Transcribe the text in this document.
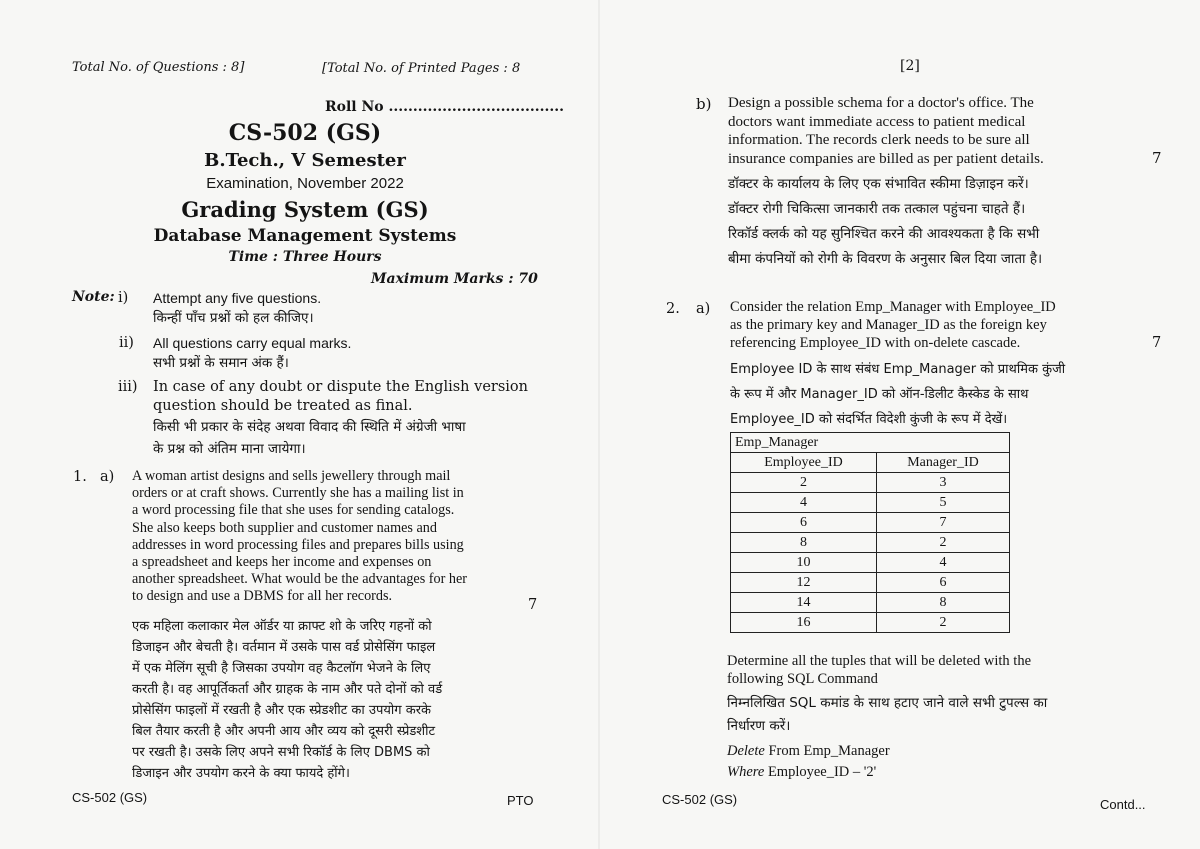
Total No. of Questions : 8]	[Total No. of Printed Pages : 8
Roll No ....................................
CS-502 (GS)
B.Tech., V Semester
Examination, November 2022
Grading System (GS)
Database Management Systems
Time : Three Hours
Maximum Marks : 70
Note: i) Attempt any five questions.
किन्हीं पाँच प्रश्नों को हल कीजिए।
ii) All questions carry equal marks.
सभी प्रश्नों के समान अंक हैं।
iii) In case of any doubt or dispute the English version
question should be treated as final.
किसी भी प्रकार के संदेह अथवा विवाद की स्थिति में अंग्रेजी भाषा
के प्रश्न को अंतिम माना जायेगा।
1. a) A woman artist designs and sells jewellery through mail
orders or at craft shows. Currently she has a mailing list in
a word processing file that she uses for sending catalogs.
She also keeps both supplier and customer names and
addresses in word processing files and prepares bills using
a spreadsheet and keeps her income and expenses on
another spreadsheet. What would be the advantages for her
to design and use a DBMS for all her records.
7
एक महिला कलाकार मेल ऑर्डर या क्राफ्ट शो के जरिए गहनों को
डिजाइन और बेचती है। वर्तमान में उसके पास वर्ड प्रोसेसिंग फाइल
में एक मेलिंग सूची है जिसका उपयोग वह कैटलॉग भेजने के लिए
करती है। वह आपूर्तिकर्ता और ग्राहक के नाम और पते दोनों को वर्ड
प्रोसेसिंग फाइलों में रखती है और एक स्प्रेडशीट का उपयोग करके
बिल तैयार करती है और अपनी आय और व्यय को दूसरी स्प्रेडशीट
पर रखती है। उसके लिए अपने सभी रिकॉर्ड के लिए DBMS को
डिजाइन और उपयोग करने के क्या फायदे होंगे।
CS-502 (GS)	PTO
[2]
b) Design a possible schema for a doctor's office. The
doctors want immediate access to patient medical
information. The records clerk needs to be sure all
insurance companies are billed as per patient details.	7
डॉक्टर के कार्यालय के लिए एक संभावित स्कीमा डिज़ाइन करें।
डॉक्टर रोगी चिकित्सा जानकारी तक तत्काल पहुंचना चाहते हैं।
रिकॉर्ड क्लर्क को यह सुनिश्चित करने की आवश्यकता है कि सभी
बीमा कंपनियों को रोगी के विवरण के अनुसार बिल दिया जाता है।
2. a) Consider the relation Emp_Manager with Employee_ID
as the primary key and Manager_ID as the foreign key
referencing Employee_ID with on-delete cascade.	7
Employee ID के साथ संबंध Emp_Manager को प्राथमिक कुंजी
के रूप में और Manager_ID को ऑन-डिलीट कैस्केड के साथ
Employee_ID को संदर्भित विदेशी कुंजी के रूप में देखें।
Emp_Manager	
Employee_ID	Manager_ID
2	3
4	5
6	7
8	2
10	4
12	6
14	8
16	2
Determine all the tuples that will be deleted with the
following SQL Command
निम्नलिखित SQL कमांड के साथ हटाए जाने वाले सभी टुपल्स का
निर्धारण करें।
Delete From Emp_Manager
Where Employee_ID – '2'
CS-502 (GS)	Contd...
